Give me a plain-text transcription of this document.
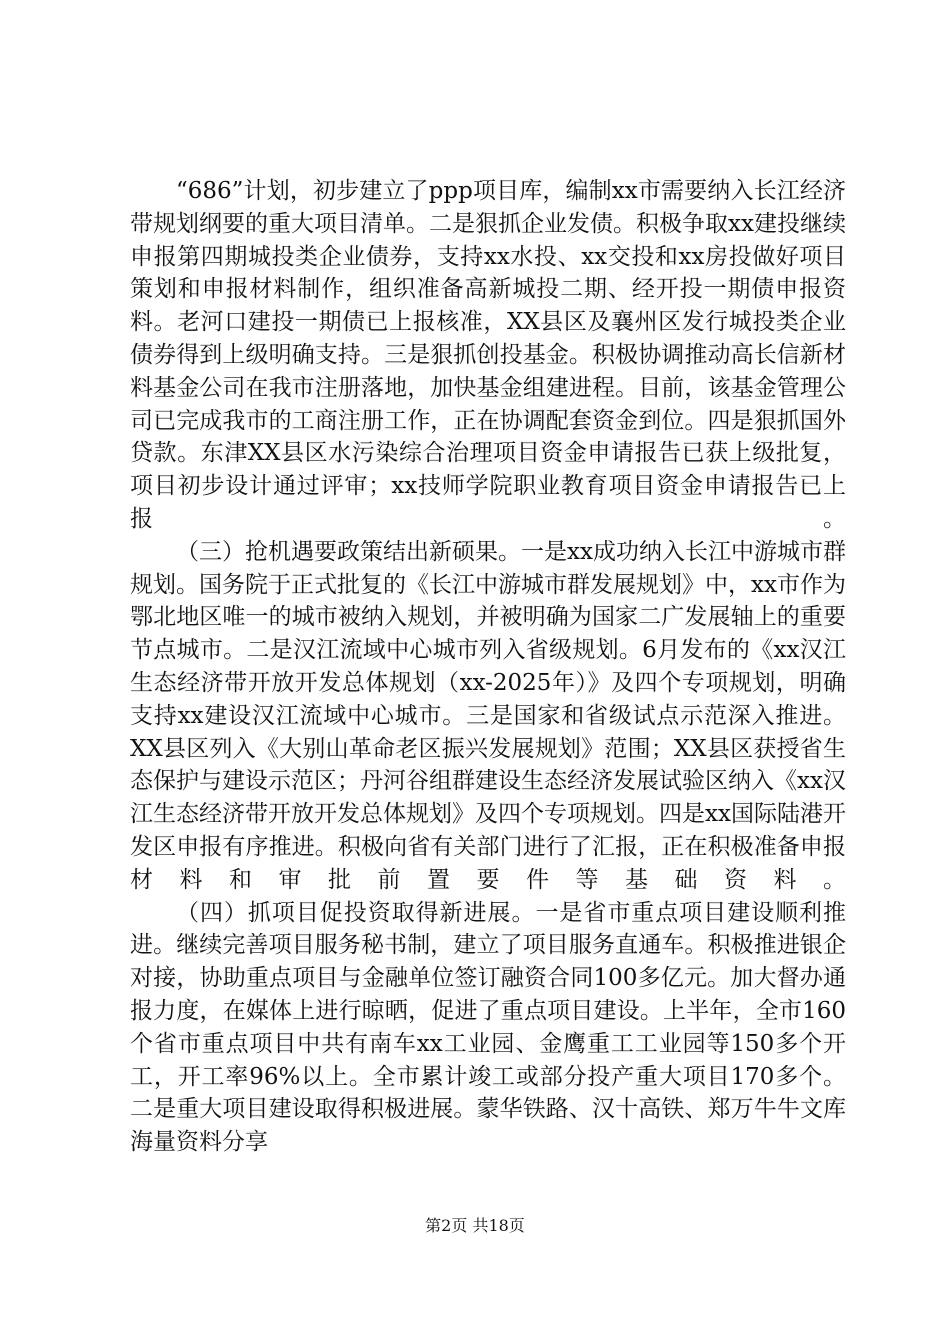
“686”计划，初步建立了ppp项目库，编制xx市需要纳入长江经济带规划纲要的重大项目清单。二是狠抓企业发债。积极争取xx建投继续申报第四期城投类企业债券，支持xx水投、xx交投和xx房投做好项目策划和申报材料制作，组织准备高新城投二期、经开投一期债申报资料。老河口建投一期债已上报核准，XX县区及襄州区发行城投类企业债券得到上级明确支持。三是狠抓创投基金。积极协调推动高长信新材料基金公司在我市注册落地，加快基金组建进程。目前，该基金管理公司已完成我市的工商注册工作，正在协调配套资金到位。四是狠抓国外贷款。东津XX县区水污染综合治理项目资金申请报告已获上级批复，项目初步设计通过评审；xx技师学院职业教育项目资金申请报告已上报。

（三）抢机遇要政策结出新硕果。一是xx成功纳入长江中游城市群规划。国务院于正式批复的《长江中游城市群发展规划》中，xx市作为鄂北地区唯一的城市被纳入规划，并被明确为国家二广发展轴上的重要节点城市。二是汉江流域中心城市列入省级规划。6月发布的《xx汉江生态经济带开放开发总体规划（xx-2025年）》及四个专项规划，明确支持xx建设汉江流域中心城市。三是国家和省级试点示范深入推进。XX县区列入《大别山革命老区振兴发展规划》范围；XX县区获授省生态保护与建设示范区；丹河谷组群建设生态经济发展试验区纳入《xx汉江生态经济带开放开发总体规划》及四个专项规划。四是xx国际陆港开发区申报有序推进。积极向省有关部门进行了汇报，正在积极准备申报材料和审批前置要件等基础资料。

（四）抓项目促投资取得新进展。一是省市重点项目建设顺利推进。继续完善项目服务秘书制，建立了项目服务直通车。积极推进银企对接，协助重点项目与金融单位签订融资合同100多亿元。加大督办通报力度，在媒体上进行晾晒，促进了重点项目建设。上半年，全市160个省市重点项目中共有南车xx工业园、金鹰重工工业园等150多个开工，开工率96%以上。全市累计竣工或部分投产重大项目170多个。二是重大项目建设取得积极进展。蒙华铁路、汉十高铁、郑万牛牛文库海量资料分享

第2页 共18页
